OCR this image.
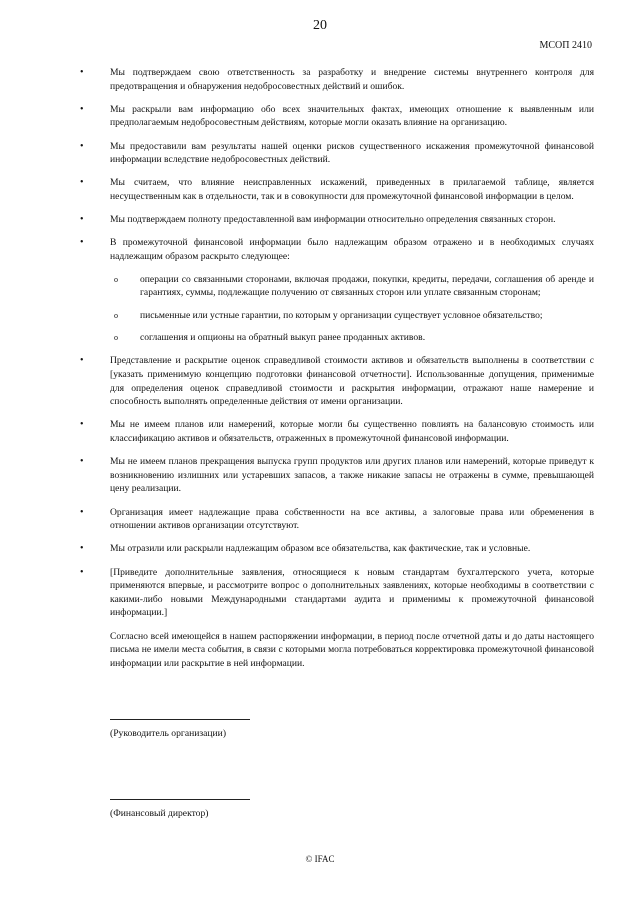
20
МСОП 2410
• Мы подтверждаем свою ответственность за разработку и внедрение системы внутреннего контроля для предотвращения и обнаружения недобросовестных действий и ошибок.
• Мы раскрыли вам информацию обо всех значительных фактах, имеющих отношение к выявленным или предполагаемым недобросовестным действиям, которые могли оказать влияние на организацию.
• Мы предоставили вам результаты нашей оценки рисков существенного искажения промежуточной финансовой информации вследствие недобросовестных действий.
• Мы считаем, что влияние неисправленных искажений, приведенных в прилагаемой таблице, является несущественным как в отдельности, так и в совокупности для промежуточной финансовой информации в целом.
• Мы подтверждаем полноту предоставленной вам информации относительно определения связанных сторон.
• В промежуточной финансовой информации было надлежащим образом отражено и в необходимых случаях надлежащим образом раскрыто следующее:
o операции со связанными сторонами, включая продажи, покупки, кредиты, передачи, соглашения об аренде и гарантиях, суммы, подлежащие получению от связанных сторон или уплате связанным сторонам;
o письменные или устные гарантии, по которым у организации существует условное обязательство;
o соглашения и опционы на обратный выкуп ранее проданных активов.
• Представление и раскрытие оценок справедливой стоимости активов и обязательств выполнены в соответствии с [указать применимую концепцию подготовки финансовой отчетности]. Использованные допущения, применимые для определения оценок справедливой стоимости и раскрытия информации, отражают наше намерение и способность выполнять определенные действия от имени организации.
• Мы не имеем планов или намерений, которые могли бы существенно повлиять на балансовую стоимость или классификацию активов и обязательств, отраженных в промежуточной финансовой информации.
• Мы не имеем планов прекращения выпуска групп продуктов или других планов или намерений, которые приведут к возникновению излишних или устаревших запасов, а также никакие запасы не отражены в сумме, превышающей цену реализации.
• Организация имеет надлежащие права собственности на все активы, а залоговые права или обременения в отношении активов организации отсутствуют.
• Мы отразили или раскрыли надлежащим образом все обязательства, как фактические, так и условные.
• [Приведите дополнительные заявления, относящиеся к новым стандартам бухгалтерского учета, которые применяются впервые, и рассмотрите вопрос о дополнительных заявлениях, которые необходимы в соответствии с какими-либо новыми Международными стандартами аудита и применимы к промежуточной финансовой информации.]

Согласно всей имеющейся в нашем распоряжении информации, в период после отчетной даты и до даты настоящего письма не имели места события, в связи с которыми могла потребоваться корректировка промежуточной финансовой информации или раскрытие в ней информации.

(Руководитель организации)
(Финансовый директор)
© IFAC
